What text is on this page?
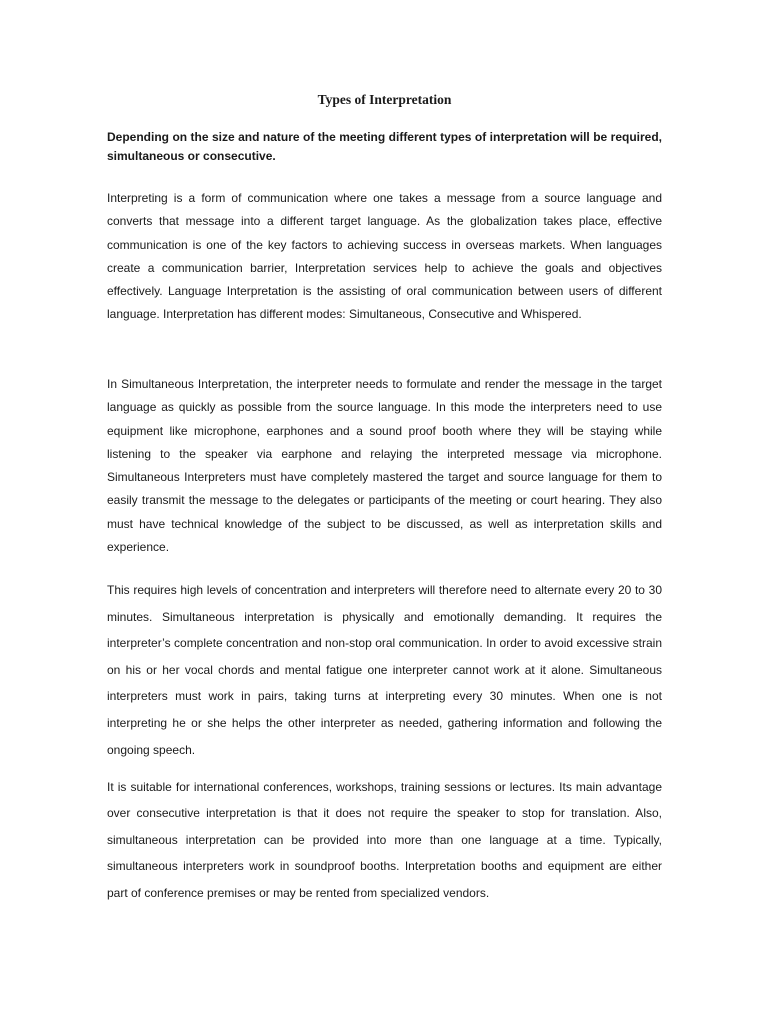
Types of Interpretation

Depending on the size and nature of the meeting different types of interpretation will be required, simultaneous or consecutive.

Interpreting is a form of communication where one takes a message from a source language and converts that message into a different target language. As the globalization takes place, effective communication is one of the key factors to achieving success in overseas markets. When languages create a communication barrier, Interpretation services help to achieve the goals and objectives effectively. Language Interpretation is the assisting of oral communication between users of different language. Interpretation has different modes: Simultaneous, Consecutive and Whispered.

In Simultaneous Interpretation, the interpreter needs to formulate and render the message in the target language as quickly as possible from the source language. In this mode the interpreters need to use equipment like microphone, earphones and a sound proof booth where they will be staying while listening to the speaker via earphone and relaying the interpreted message via microphone. Simultaneous Interpreters must have completely mastered the target and source language for them to easily transmit the message to the delegates or participants of the meeting or court hearing. They also must have technical knowledge of the subject to be discussed, as well as interpretation skills and experience.

This requires high levels of concentration and interpreters will therefore need to alternate every 20 to 30 minutes. Simultaneous interpretation is physically and emotionally demanding. It requires the interpreter’s complete concentration and non-stop oral communication. In order to avoid excessive strain on his or her vocal chords and mental fatigue one interpreter cannot work at it alone. Simultaneous interpreters must work in pairs, taking turns at interpreting every 30 minutes. When one is not interpreting he or she helps the other interpreter as needed, gathering information and following the ongoing speech.

It is suitable for international conferences, workshops, training sessions or lectures. Its main advantage over consecutive interpretation is that it does not require the speaker to stop for translation. Also, simultaneous interpretation can be provided into more than one language at a time. Typically, simultaneous interpreters work in soundproof booths. Interpretation booths and equipment are either part of conference premises or may be rented from specialized vendors.
